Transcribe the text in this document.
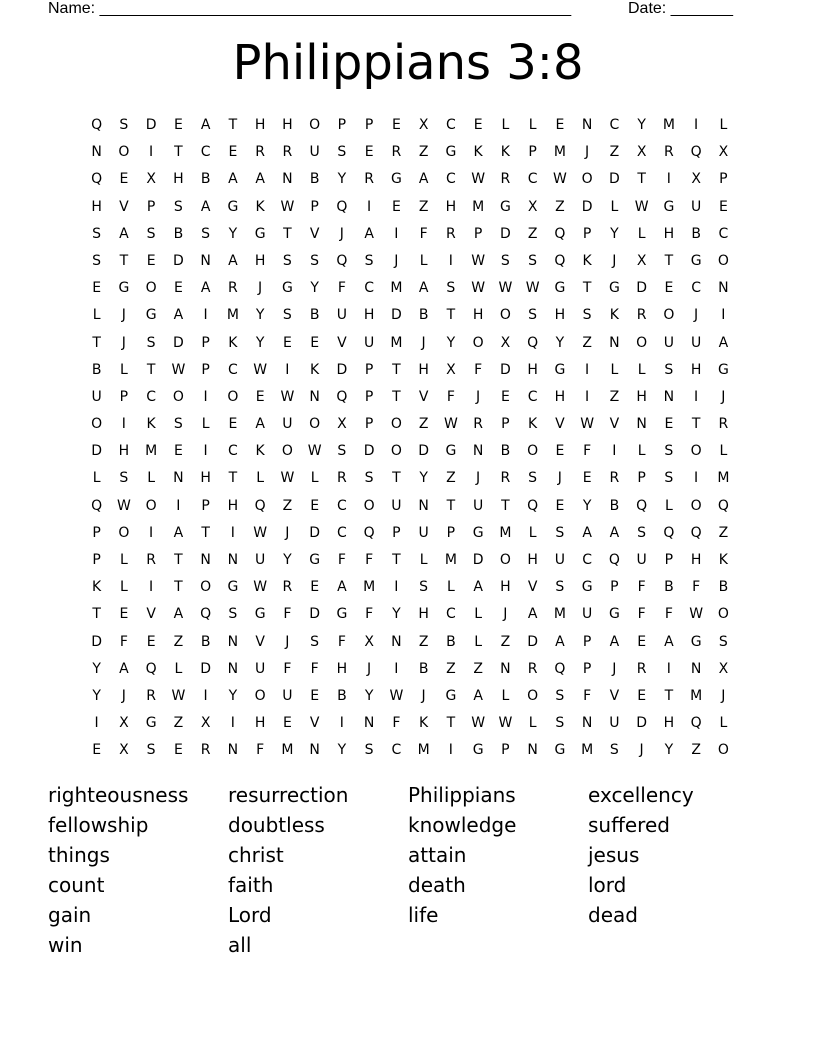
Name: _____________________________________________________	Date: _______
Philippians 3:8
Q	S	D	E	A	T	H	H	O	P	P	E	X	C	E	L	L	E	N	C	Y	M	I	L
N	O	I	T	C	E	R	R	U	S	E	R	Z	G	K	K	P	M	J	Z	X	R	Q	X
Q	E	X	H	B	A	A	N	B	Y	R	G	A	C	W	R	C	W	O	D	T	I	X	P
H	V	P	S	A	G	K	W	P	Q	I	E	Z	H	M	G	X	Z	D	L	W	G	U	E
S	A	S	B	S	Y	G	T	V	J	A	I	F	R	P	D	Z	Q	P	Y	L	H	B	C
S	T	E	D	N	A	H	S	S	Q	S	J	L	I	W	S	S	Q	K	J	X	T	G	O
E	G	O	E	A	R	J	G	Y	F	C	M	A	S	W W W	G	T	G	D	E	C	N
L	J	G	A	I	M	Y	S	B	U	H	D	B	T	H	O	S	H	S	K	R	O	J	I
T	J	S	D	P	K	Y	E	E	V	U	M	J	Y	O	X	Q	Y	Z	N	O	U	U	A
B	L	T	W	P	C	W	I	K	D	P	T	H	X	F	D	H	G	I	L	L	S	H	G
U	P	C	O	I	O	E	W	N	Q	P	T	V	F	J	E	C	H	I	Z	H	N	I	J
O	I	K	S	L	E	A	U	O	X	P	O	Z	W	R	P	K	V	W	V	N	E	T	R
D	H	M	E	I	C	K	O	W	S	D	O	D	G	N	B	O	E	F	I	L	S	O	L
L	S	L	N	H	T	L	W	L	R	S	T	Y	Z	J	R	S	J	E	R	P	S	I	M
Q	W	O	I	P	H	Q	Z	E	C	O	U	N	T	U	T	Q	E	Y	B	Q	L	O	Q
P	O	I	A	T	I	W	J	D	C	Q	P	U	P	G	M	L	S	A	A	S	Q	Q	Z
P	L	R	T	N	N	U	Y	G	F	F	T	L	M	D	O	H	U	C	Q	U	P	H	K
K	L	I	T	O	G	W	R	E	A	M	I	S	L	A	H	V	S	G	P	F	B	F	B
T	E	V	A	Q	S	G	F	D	G	F	Y	H	C	L	J	A	M	U	G	F	F	W	O
D	F	E	Z	B	N	V	J	S	F	X	N	Z	B	L	Z	D	A	P	A	E	A	G	S
Y	A	Q	L	D	N	U	F	F	H	J	I	B	Z	Z	N	R	Q	P	J	R	I	N	X
Y	J	R	W	I	Y	O	U	E	B	Y	W	J	G	A	L	O	S	F	V	E	T	M	J
I	X	G	Z	X	I	H	E	V	I	N	F	K	T	W W	L	S	N	U	D	H	Q	L
E	X	S	E	R	N	F	M	N	Y	S	C	M	I	G	P	N	G	M	S	J	Y	Z	O
righteousness	resurrection	Philippians	excellency
fellowship	doubtless	knowledge	suffered
things	christ	attain	jesus
count	faith	death	lord
gain	Lord	life	dead
win	all
